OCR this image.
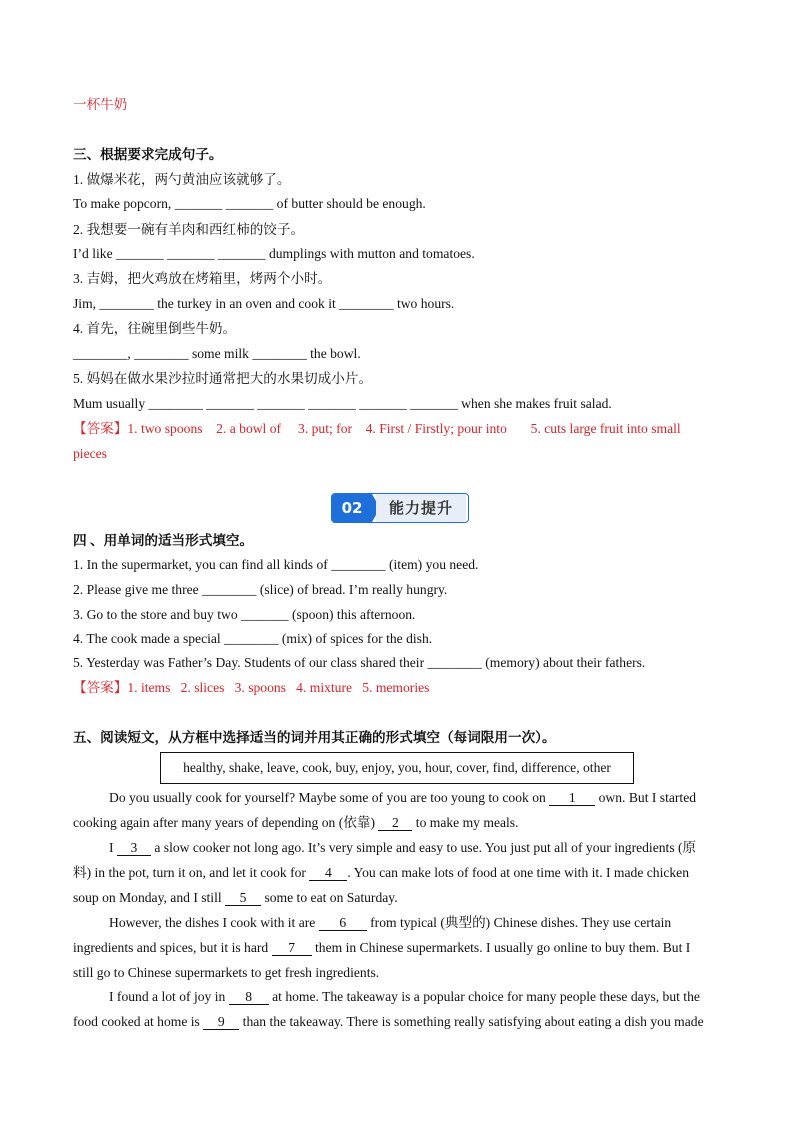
一杯牛奶
三、根据要求完成句子。
1. 做爆米花，两勺黄油应该就够了。
To make popcorn, _______ _______ of butter should be enough.
2. 我想要一碗有羊肉和西红柿的饺子。
I’d like _______ _______ _______ dumplings with mutton and tomatoes.
3. 吉姆，把火鸡放在烤箱里，烤两个小时。
Jim, ________ the turkey in an oven and cook it ________ two hours.
4. 首先，往碗里倒些牛奶。
________, ________ some milk ________ the bowl.
5. 妈妈在做水果沙拉时通常把大的水果切成小片。
Mum usually ________ _______ _______ _______ _______ _______ when she makes fruit salad.
【答案】1. two spoons    2. a bowl of     3. put; for    4. First / Firstly; pour into       5. cuts large fruit into small
pieces
02	能力提升
四 、用单词的适当形式填空。
1. In the supermarket, you can find all kinds of ________ (item) you need.
2. Please give me three ________ (slice) of bread. I’m really hungry.
3. Go to the store and buy two _______ (spoon) this afternoon.
4. The cook made a special ________ (mix) of spices for the dish.
5. Yesterday was Father’s Day. Students of our class shared their ________ (memory) about their fathers.
【答案】1. items   2. slices   3. spoons   4. mixture   5. memories
五、阅读短文，从方框中选择适当的词并用其正确的形式填空（每词限用一次）。
healthy, shake, leave, cook, buy, enjoy, you, hour, cover, find, difference, other
Do you usually cook for yourself? Maybe some of you are too young to cook on 1 own. But I started
cooking again after many years of depending on (依靠) 2 to make my meals.
I 3 a slow cooker not long ago. It’s very simple and easy to use. You just put all of your ingredients (原
料) in the pot, turn it on, and let it cook for 4 . You can make lots of food at one time with it. I made chicken
soup on Monday, and I still 5 some to eat on Saturday.
However, the dishes I cook with it are 6 from typical (典型的) Chinese dishes. They use certain
ingredients and spices, but it is hard 7 them in Chinese supermarkets. I usually go online to buy them. But I
still go to Chinese supermarkets to get fresh ingredients.
I found a lot of joy in 8 at home. The takeaway is a popular choice for many people these days, but the
food cooked at home is 9 than the takeaway. There is something really satisfying about eating a dish you made
